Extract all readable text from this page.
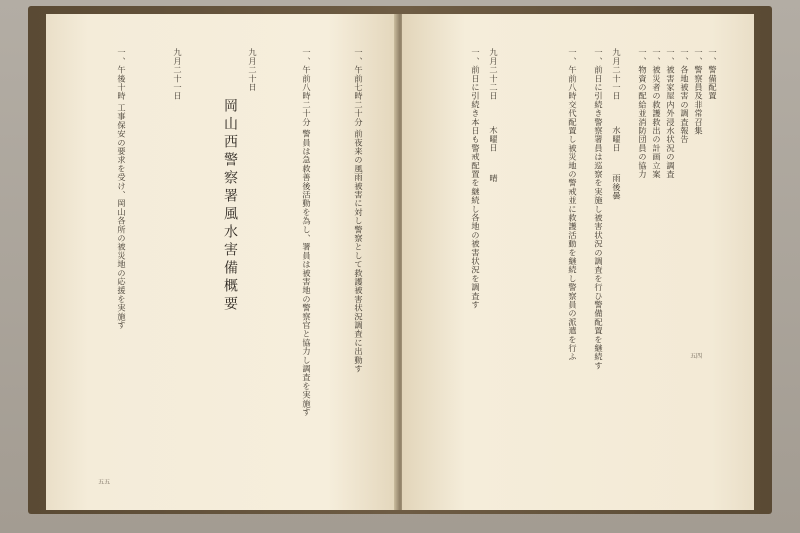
一、午前七時二十分 前夜来の風雨被害に対し警察として救護被害状況調査に出動す
一、午前八時二十分 警員は急救善後活動を為し、署員は被害地の警察官と協力し調査を実施す
九月二十日
岡山西警察署風水害備概要
九月二十一日
一、午後十時 工事保安の要求を受け、岡山各所の被災地の応援を実施す
五五
一、警備配置
一、警察員及非常召集
一、各地被害の調査報告
一、被害家屋内外浸水状況の調査
一、被災者の救護救出の計画立案
一、物資の配給並消防団員の協力
九月二十一日
水曜日
雨後曇
一、前日に引続き警察署員は巡察を実施し被害状況の調査を行ひ警備配置を継続す
一、午前八時交代配置し被災地の警戒並に救護活動を継続し警察員の派遣を行ふ
九月二十二日
木曜日
晴
一、前日に引続き本日も警戒配置を継続し各地の被害状況を調査す
五四
